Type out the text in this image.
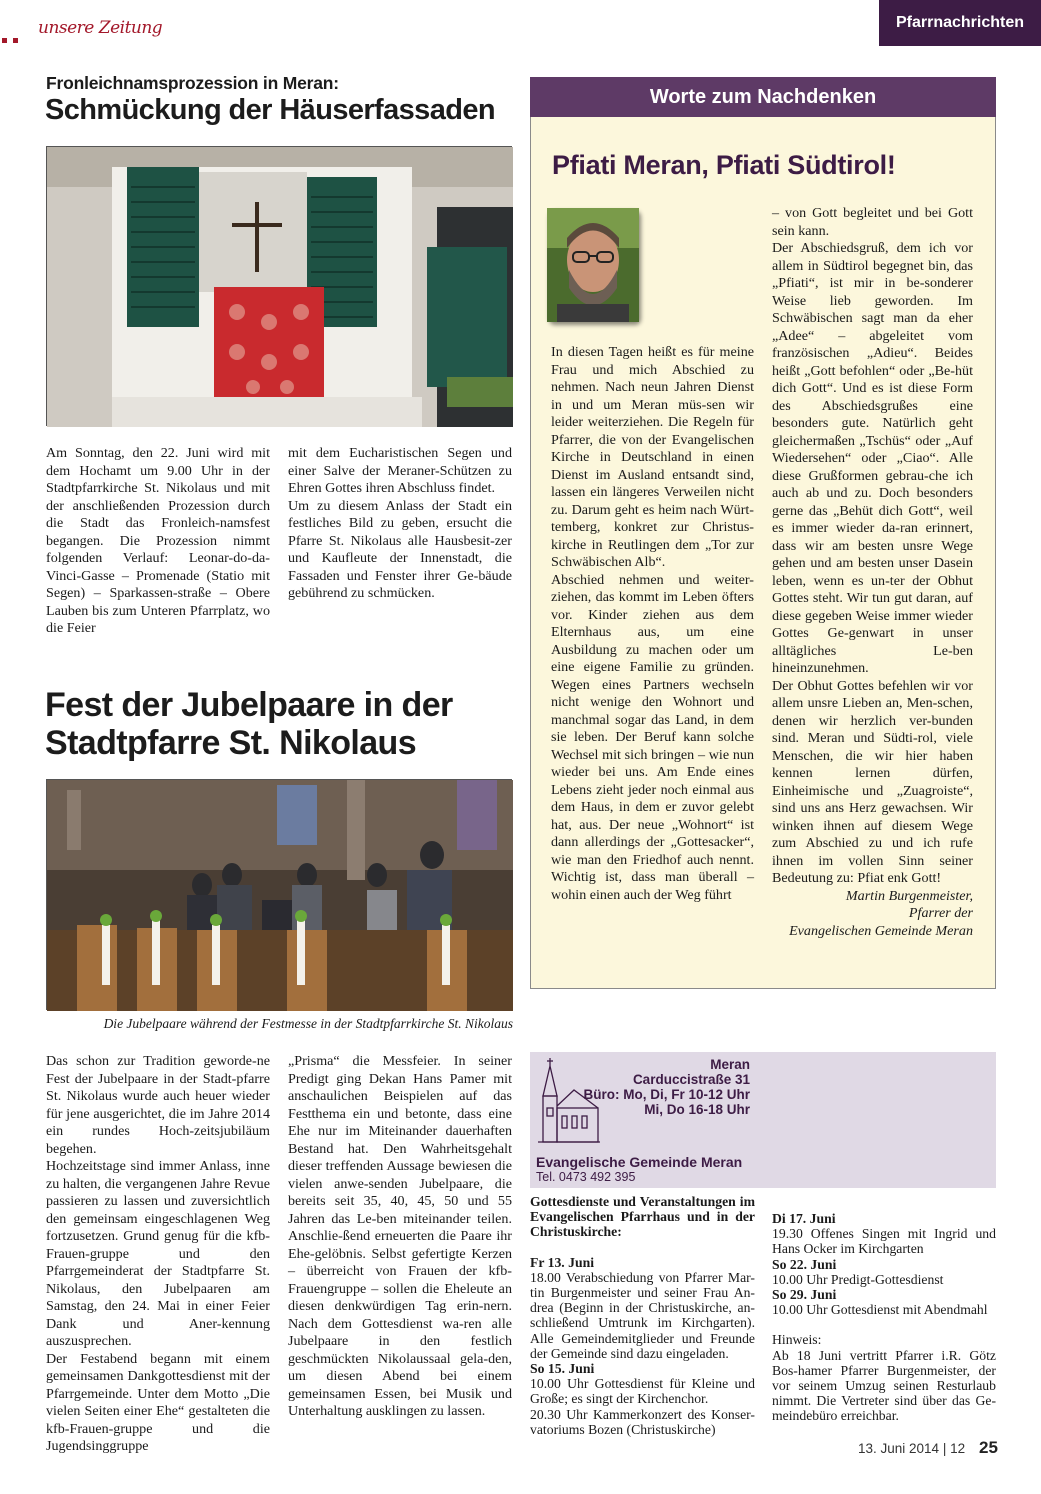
unsere Zeitung	Pfarrnachrichten
Fronleichnamsprozession in Meran:
Schmückung der Häuserfassaden

Am Sonntag, den 22. Juni wird mit dem Hochamt um 9.00 Uhr in der Stadtpfarrkirche St. Nikolaus und mit der anschließenden Prozession durch die Stadt das Fronleich-namsfest begangen. Die Prozession nimmt folgenden Verlauf: Leonar-do-da-Vinci-Gasse – Promenade (Statio mit Segen) – Sparkassen-straße – Obere Lauben bis zum Unteren Pfarrplatz, wo die Feier

mit dem Eucharistischen Segen und einer Salve der Meraner-Schützen zu Ehren Gottes ihren Abschluss findet.

Um zu diesem Anlass der Stadt ein festliches Bild zu geben, ersucht die Pfarre St. Nikolaus alle Hausbesit-zer und Kaufleute der Innenstadt, die Fassaden und Fenster ihrer Ge-bäude gebührend zu schmücken.

Fest der Jubelpaare in der Stadtpfarre St. Nikolaus
Die Jubelpaare während der Festmesse in der Stadtpfarrkirche St. Nikolaus

Das schon zur Tradition geworde-ne Fest der Jubelpaare in der Stadt-pfarre St. Nikolaus wurde auch heuer wieder für jene ausgerichtet, die im Jahre 2014 ein rundes Hoch-zeitsjubiläum begehen.

Hochzeitstage sind immer Anlass, inne zu halten, die vergangenen Jahre Revue passieren zu lassen und zuversichtlich den gemeinsam eingeschlagenen Weg fortzusetzen. Grund genug für die kfb-Frauen-gruppe und den Pfarrgemeinderat der Stadtpfarre St. Nikolaus, den Jubelpaaren am Samstag, den 24. Mai in einer Feier Dank und Aner-kennung auszusprechen.

Der Festabend begann mit einem gemeinsamen Dankgottesdienst mit der Pfarrgemeinde. Unter dem Motto „Die vielen Seiten einer Ehe“ gestalteten die kfb-Frauen-gruppe und die Jugendsinggruppe

„Prisma“ die Messfeier. In seiner Predigt ging Dekan Hans Pamer mit anschaulichen Beispielen auf das Festthema ein und betonte, dass eine Ehe nur im Miteinander dauerhaften Bestand hat. Den Wahrheitsgehalt dieser treffenden Aussage bewiesen die vielen anwe-senden Jubelpaare, die bereits seit 35, 40, 45, 50 und 55 Jahren das Le-ben miteinander teilen. Anschlie-ßend erneuerten die Paare ihr Ehe-gelöbnis. Selbst gefertigte Kerzen – überreicht von Frauen der kfb-Frauengruppe – sollen die Eheleute an diesen denkwürdigen Tag erin-nern. Nach dem Gottesdienst wa-ren alle Jubelpaare in den festlich geschmückten Nikolaussaal gela-den, um diesen Abend bei einem gemeinsamen Essen, bei Musik und Unterhaltung ausklingen zu lassen.

Worte zum Nachdenken
Pfiati Meran, Pfiati Südtirol!

In diesen Tagen heißt es für meine Frau und mich Abschied zu nehmen. Nach neun Jahren Dienst in und um Meran müs-sen wir leider weiterziehen. Die Regeln für Pfarrer, die von der Evangelischen Kirche in Deutschland in einen Dienst im Ausland entsandt sind, lassen ein längeres Verweilen nicht zu. Darum geht es heim nach Würt-temberg, konkret zur Christus-kirche in Reutlingen dem „Tor zur Schwäbischen Alb“.

Abschied nehmen und weiter-ziehen, das kommt im Leben öfters vor. Kinder ziehen aus dem Elternhaus aus, um eine Ausbildung zu machen oder um eine eigene Familie zu gründen. Wegen eines Partners wechseln nicht wenige den Wohnort und manchmal sogar das Land, in dem sie leben. Der Beruf kann solche Wechsel mit sich bringen – wie nun wieder bei uns. Am Ende eines Lebens zieht jeder noch einmal aus dem Haus, in dem er zuvor gelebt hat, aus. Der neue „Wohnort“ ist dann allerdings der „Gottesacker“, wie man den Friedhof auch nennt. Wichtig ist, dass man überall – wohin einen auch der Weg führt

– von Gott begleitet und bei Gott sein kann.

Der Abschiedsgruß, dem ich vor allem in Südtirol begegnet bin, das „Pfiati“, ist mir in be-sonderer Weise lieb geworden. Im Schwäbischen sagt man da eher „Adee“ – abgeleitet vom französischen „Adieu“. Beides heißt „Gott befohlen“ oder „Be-hüt dich Gott“. Und es ist diese Form des Abschiedsgrußes eine besonders gute. Natürlich geht gleichermaßen „Tschüs“ oder „Auf Wiedersehen“ oder „Ciao“. Alle diese Grußformen gebrau-che ich auch ab und zu. Doch besonders gerne das „Behüt dich Gott“, weil es immer wieder da-ran erinnert, dass wir am besten unsre Wege gehen und am besten unser Dasein leben, wenn es un-ter der Obhut Gottes steht. Wir tun gut daran, auf diese gegeben Weise immer wieder Gottes Ge-genwart in unser alltägliches Le-ben hineinzunehmen.

Der Obhut Gottes befehlen wir vor allem unsre Lieben an, Men-schen, denen wir herzlich ver-bunden sind. Meran und Südti-rol, viele Menschen, die wir hier haben kennen lernen dürfen, Einheimische und „Zuagroiste“, sind uns ans Herz gewachsen. Wir winken ihnen auf diesem Wege zum Abschied zu und ich rufe ihnen im vollen Sinn seiner Bedeutung zu: Pfiat enk Gott!

Martin Burgenmeister,

Pfarrer der

Evangelischen Gemeinde Meran

Meran
Carduccistraße 31
Büro: Mo, Di, Fr 10-12 Uhr
Mi, Do 16-18 Uhr
Evangelische Gemeinde Meran
Tel. 0473 492 395
Gottesdienste und Veranstaltungen im Evangelischen Pfarrhaus und in der Christuskirche:
Fr 13. Juni
18.00 Verabschiedung von Pfarrer Mar-tin Burgenmeister und seiner Frau An-drea (Beginn in der Christuskirche, an-schließend Umtrunk im Kirchgarten). Alle Gemeindemitglieder und Freunde der Gemeinde sind dazu eingeladen.
So 15. Juni
10.00 Uhr Gottesdienst für Kleine und Große; es singt der Kirchenchor.
20.30 Uhr Kammerkonzert des Konser-vatoriums Bozen (Christuskirche)
Di 17. Juni
19.30 Offenes Singen mit Ingrid und Hans Ocker im Kirchgarten
So 22. Juni
10.00 Uhr Predigt-Gottesdienst
So 29. Juni
10.00 Uhr Gottesdienst mit Abendmahl
Hinweis:
Ab 18 Juni vertritt Pfarrer i.R. Götz Bos-hamer Pfarrer Burgenmeister, der vor seinem Umzug seinen Resturlaub nimmt. Die Vertreter sind über das Ge-meindebüro erreichbar.
13. Juni 2014 | 12 25
